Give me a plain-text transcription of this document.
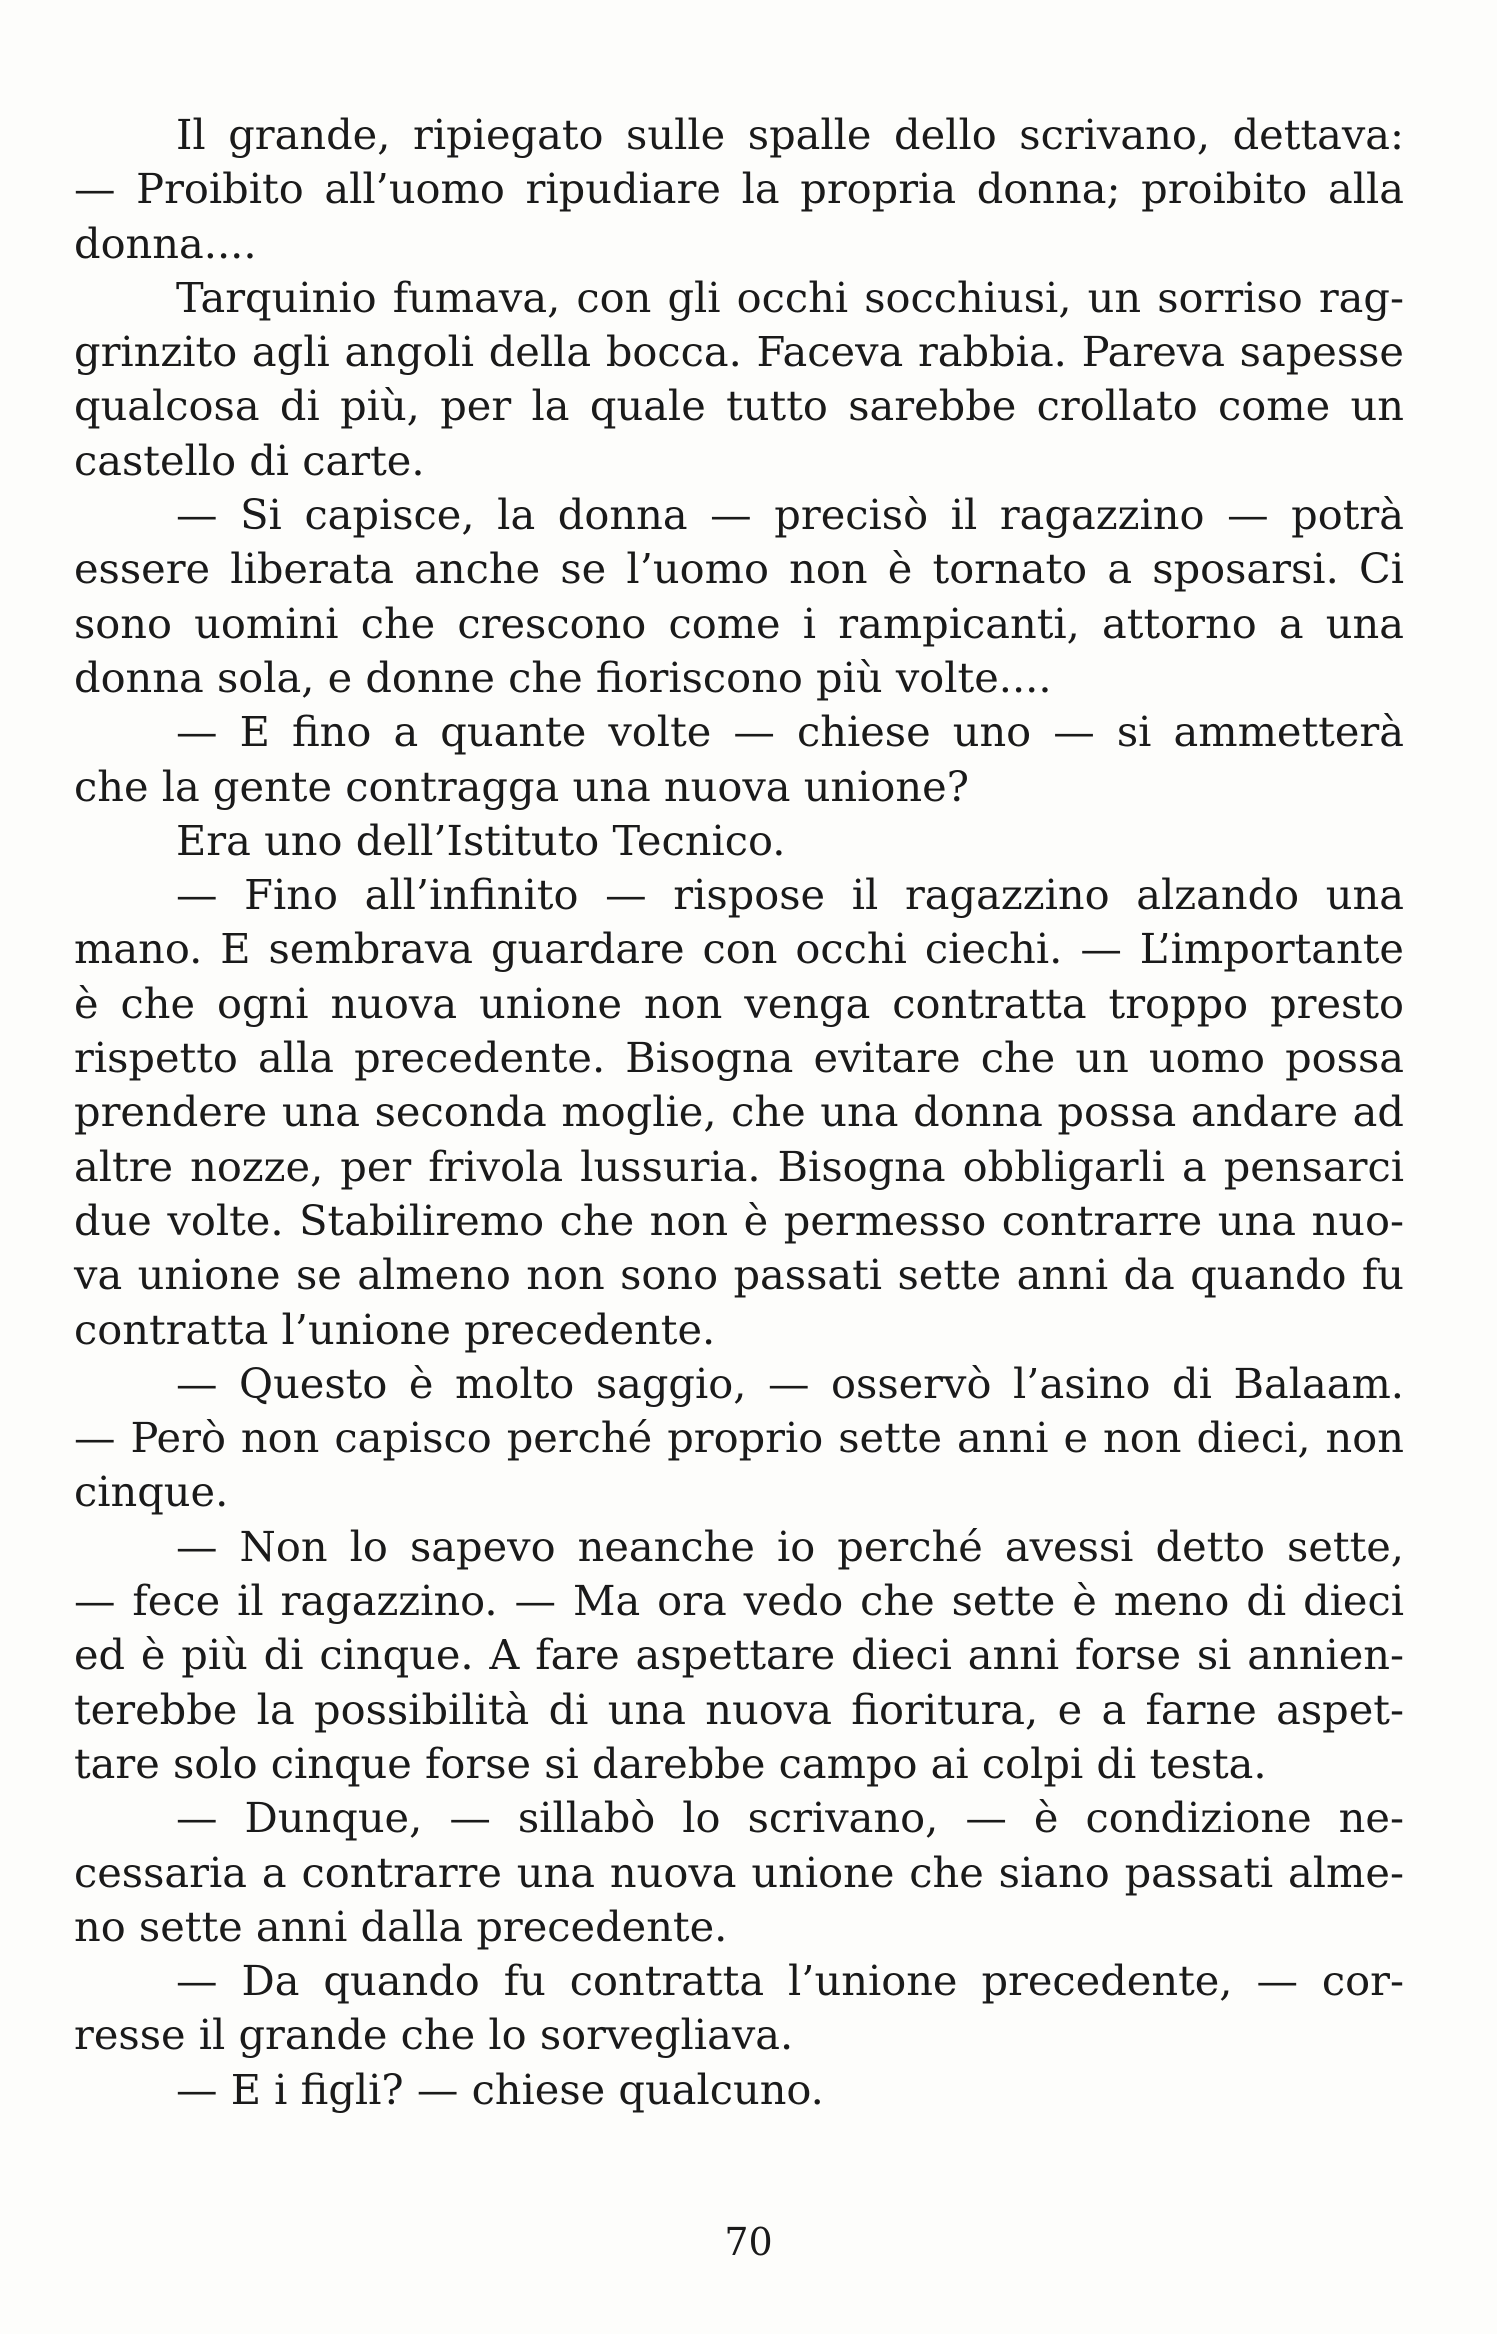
Il grande, ripiegato sulle spalle dello scrivano, dettava:
— Proibito all’uomo ripudiare la propria donna; proibito alla
donna....
Tarquinio fumava, con gli occhi socchiusi, un sorriso rag-
grinzito agli angoli della bocca. Faceva rabbia. Pareva sapesse
qualcosa di più, per la quale tutto sarebbe crollato come un
castello di carte.
— Si capisce, la donna — precisò il ragazzino — potrà
essere liberata anche se l’uomo non è tornato a sposarsi. Ci
sono uomini che crescono come i rampicanti, attorno a una
donna sola, e donne che fioriscono più volte....
— E fino a quante volte — chiese uno — si ammetterà
che la gente contragga una nuova unione?
Era uno dell’Istituto Tecnico.
— Fino all’infinito — rispose il ragazzino alzando una
mano. E sembrava guardare con occhi ciechi. — L’importante
è che ogni nuova unione non venga contratta troppo presto
rispetto alla precedente. Bisogna evitare che un uomo possa
prendere una seconda moglie, che una donna possa andare ad
altre nozze, per frivola lussuria. Bisogna obbligarli a pensarci
due volte. Stabiliremo che non è permesso contrarre una nuo-
va unione se almeno non sono passati sette anni da quando fu
contratta l’unione precedente.
— Questo è molto saggio, — osservò l’asino di Balaam.
— Però non capisco perché proprio sette anni e non dieci, non
cinque.
— Non lo sapevo neanche io perché avessi detto sette,
— fece il ragazzino. — Ma ora vedo che sette è meno di dieci
ed è più di cinque. A fare aspettare dieci anni forse si annien-
terebbe la possibilità di una nuova fioritura, e a farne aspet-
tare solo cinque forse si darebbe campo ai colpi di testa.
— Dunque, — sillabò lo scrivano, — è condizione ne-
cessaria a contrarre una nuova unione che siano passati alme-
no sette anni dalla precedente.
— Da quando fu contratta l’unione precedente, — cor-
resse il grande che lo sorvegliava.
— E i figli? — chiese qualcuno.
70
